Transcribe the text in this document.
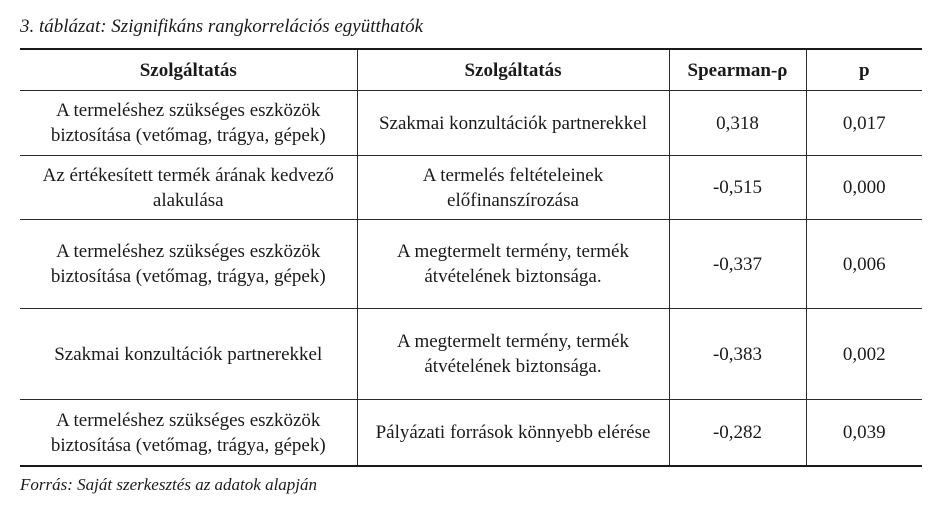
3. táblázat: Szignifikáns rangkorrelációs együtthatók
Szolgáltatás	Szolgáltatás	Spearman-ρ	p
A termeléshez szükséges eszközök biztosítása (vetőmag, trágya, gépek)	Szakmai konzultációk partnerekkel	0,318	0,017
Az értékesített termék árának kedvező alakulása	A termelés feltételeinek előfinanszírozása	-0,515	0,000
A termeléshez szükséges eszközök biztosítása (vetőmag, trágya, gépek)	A megtermelt termény, termék átvételének biztonsága.	-0,337	0,006
Szakmai konzultációk partnerekkel	A megtermelt termény, termék átvételének biztonsága.	-0,383	0,002
A termeléshez szükséges eszközök biztosítása (vetőmag, trágya, gépek)	Pályázati források könnyebb elérése	-0,282	0,039
Forrás: Saját szerkesztés az adatok alapján
